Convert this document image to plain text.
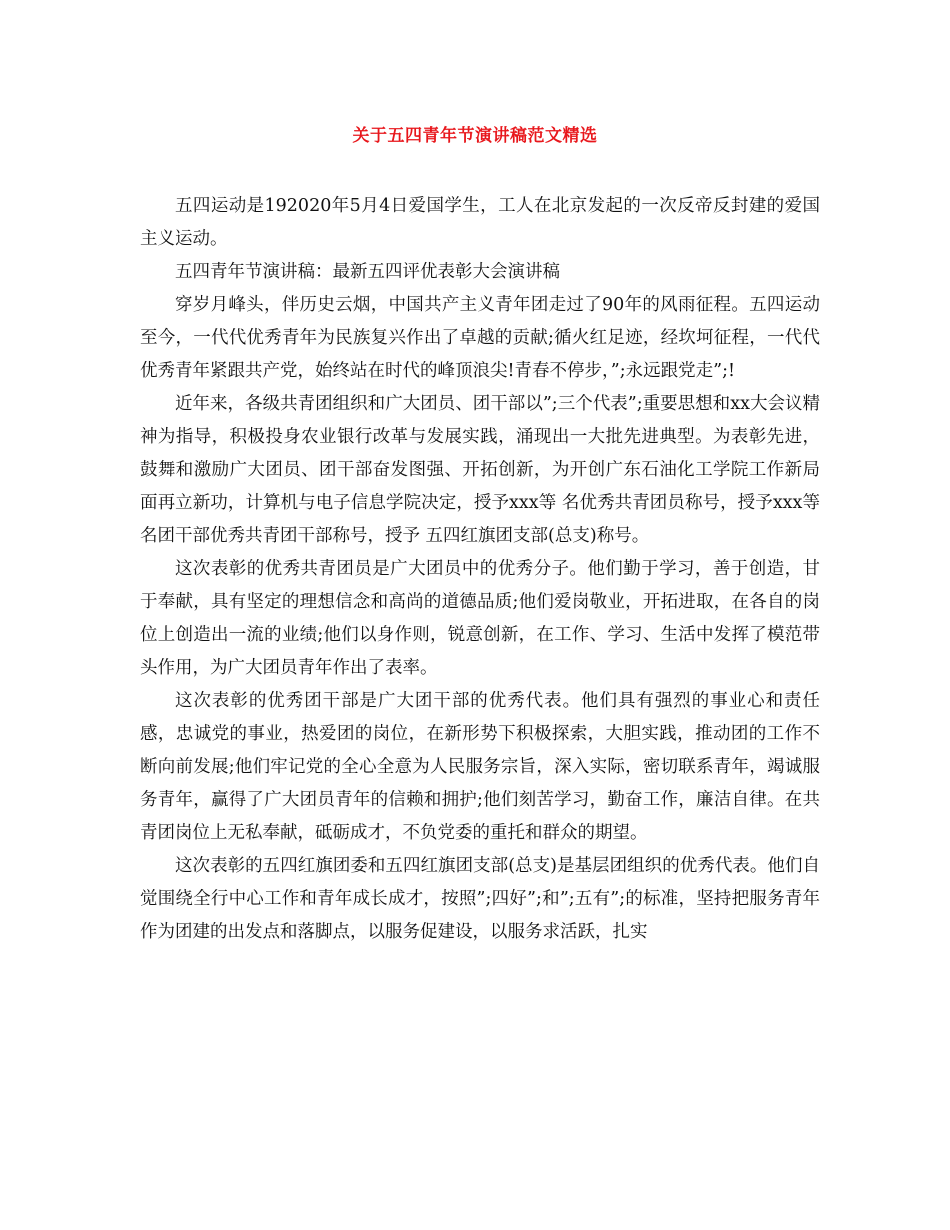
关于五四青年节演讲稿范文精选

五四运动是192020年5月4日爱国学生，工人在北京发起的一次反帝反封建的爱国主义运动。

五四青年节演讲稿：最新五四评优表彰大会演讲稿

穿岁月峰头，伴历史云烟，中国共产主义青年团走过了90年的风雨征程。五四运动至今，一代代优秀青年为民族复兴作出了卓越的贡献;循火红足迹，经坎坷征程，一代代优秀青年紧跟共产党，始终站在时代的峰顶浪尖!青春不停步，”;永远跟党走”;!

近年来，各级共青团组织和广大团员、团干部以”;三个代表”;重要思想和xx大会议精神为指导，积极投身农业银行改革与发展实践，涌现出一大批先进典型。为表彰先进，鼓舞和激励广大团员、团干部奋发图强、开拓创新，为开创广东石油化工学院工作新局面再立新功，计算机与电子信息学院决定，授予xxx等 名优秀共青团员称号，授予xxx等 名团干部优秀共青团干部称号，授予 五四红旗团支部(总支)称号。

这次表彰的优秀共青团员是广大团员中的优秀分子。他们勤于学习，善于创造，甘于奉献，具有坚定的理想信念和高尚的道德品质;他们爱岗敬业，开拓进取，在各自的岗位上创造出一流的业绩;他们以身作则，锐意创新，在工作、学习、生活中发挥了模范带头作用，为广大团员青年作出了表率。

这次表彰的优秀团干部是广大团干部的优秀代表。他们具有强烈的事业心和责任感，忠诚党的事业，热爱团的岗位，在新形势下积极探索，大胆实践，推动团的工作不断向前发展;他们牢记党的全心全意为人民服务宗旨，深入实际，密切联系青年，竭诚服务青年，赢得了广大团员青年的信赖和拥护;他们刻苦学习，勤奋工作，廉洁自律。在共青团岗位上无私奉献，砥砺成才，不负党委的重托和群众的期望。

这次表彰的五四红旗团委和五四红旗团支部(总支)是基层团组织的优秀代表。他们自觉围绕全行中心工作和青年成长成才，按照”;四好”;和”;五有”;的标准，坚持把服务青年作为团建的出发点和落脚点，以服务促建设，以服务求活跃，扎实
